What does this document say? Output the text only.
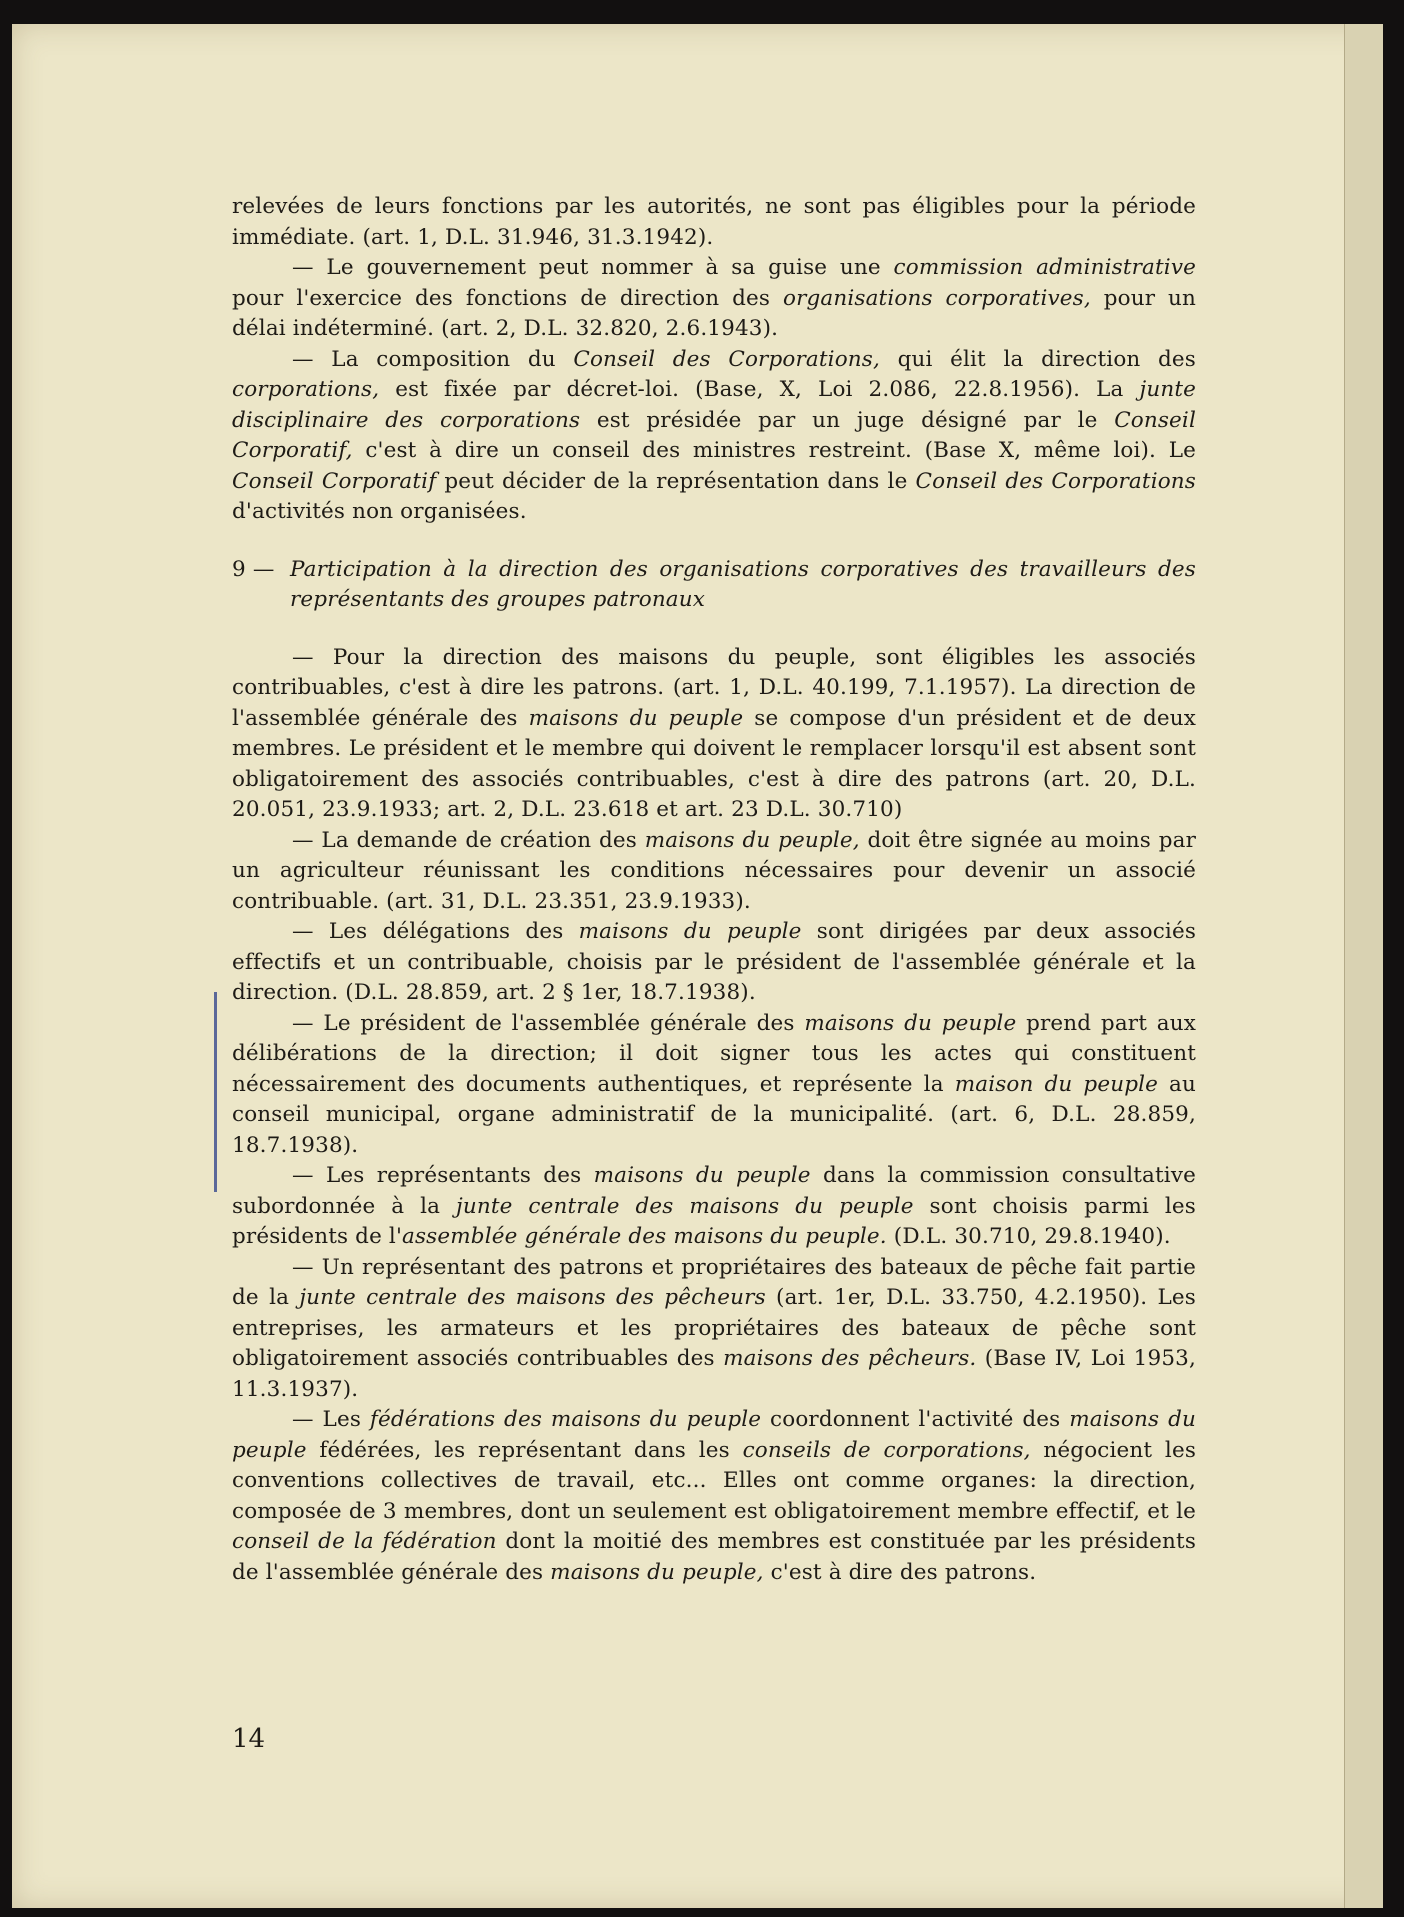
relevées de leurs fonctions par les autorités, ne sont pas éligibles pour la période immédiate. (art. 1, D.L. 31.946, 31.3.1942).

— Le gouvernement peut nommer à sa guise une commission administrative pour l'exercice des fonctions de direction des organisations corporatives, pour un délai indéterminé. (art. 2, D.L. 32.820, 2.6.1943).

— La composition du Conseil des Corporations, qui élit la direction des corporations, est fixée par décret-loi. (Base, X, Loi 2.086, 22.8.1956). La junte disciplinaire des corporations est présidée par un juge désigné par le Conseil Corporatif, c'est à dire un conseil des ministres restreint. (Base X, même loi). Le Conseil Corporatif peut décider de la représentation dans le Conseil des Corporations d'activités non organisées.

9 — Participation à la direction des organisations corporatives des travailleurs des représentants des groupes patronaux

— Pour la direction des maisons du peuple, sont éligibles les associés contribuables, c'est à dire les patrons. (art. 1, D.L. 40.199, 7.1.1957). La direction de l'assemblée générale des maisons du peuple se compose d'un président et de deux membres. Le président et le membre qui doivent le remplacer lorsqu'il est absent sont obligatoirement des associés contribuables, c'est à dire des patrons (art. 20, D.L. 20.051, 23.9.1933; art. 2, D.L. 23.618 et art. 23 D.L. 30.710)

— La demande de création des maisons du peuple, doit être signée au moins par un agriculteur réunissant les conditions nécessaires pour devenir un associé contribuable. (art. 31, D.L. 23.351, 23.9.1933).

— Les délégations des maisons du peuple sont dirigées par deux associés effectifs et un contribuable, choisis par le président de l'assemblée générale et la direction. (D.L. 28.859, art. 2 § 1er, 18.7.1938).

— Le président de l'assemblée générale des maisons du peuple prend part aux délibérations de la direction; il doit signer tous les actes qui constituent nécessairement des documents authentiques, et représente la maison du peuple au conseil municipal, organe administratif de la municipalité. (art. 6, D.L. 28.859, 18.7.1938).

— Les représentants des maisons du peuple dans la commission consultative subordonnée à la junte centrale des maisons du peuple sont choisis parmi les présidents de l'assemblée générale des maisons du peuple. (D.L. 30.710, 29.8.1940).

— Un représentant des patrons et propriétaires des bateaux de pêche fait partie de la junte centrale des maisons des pêcheurs (art. 1er, D.L. 33.750, 4.2.1950). Les entreprises, les armateurs et les propriétaires des bateaux de pêche sont obligatoirement associés contribuables des maisons des pêcheurs. (Base IV, Loi 1953, 11.3.1937).

— Les fédérations des maisons du peuple coordonnent l'activité des maisons du peuple fédérées, les représentant dans les conseils de corporations, négocient les conventions collectives de travail, etc... Elles ont comme organes: la direction, composée de 3 membres, dont un seulement est obligatoirement membre effectif, et le conseil de la fédération dont la moitié des membres est constituée par les présidents de l'assemblée générale des maisons du peuple, c'est à dire des patrons.

14
